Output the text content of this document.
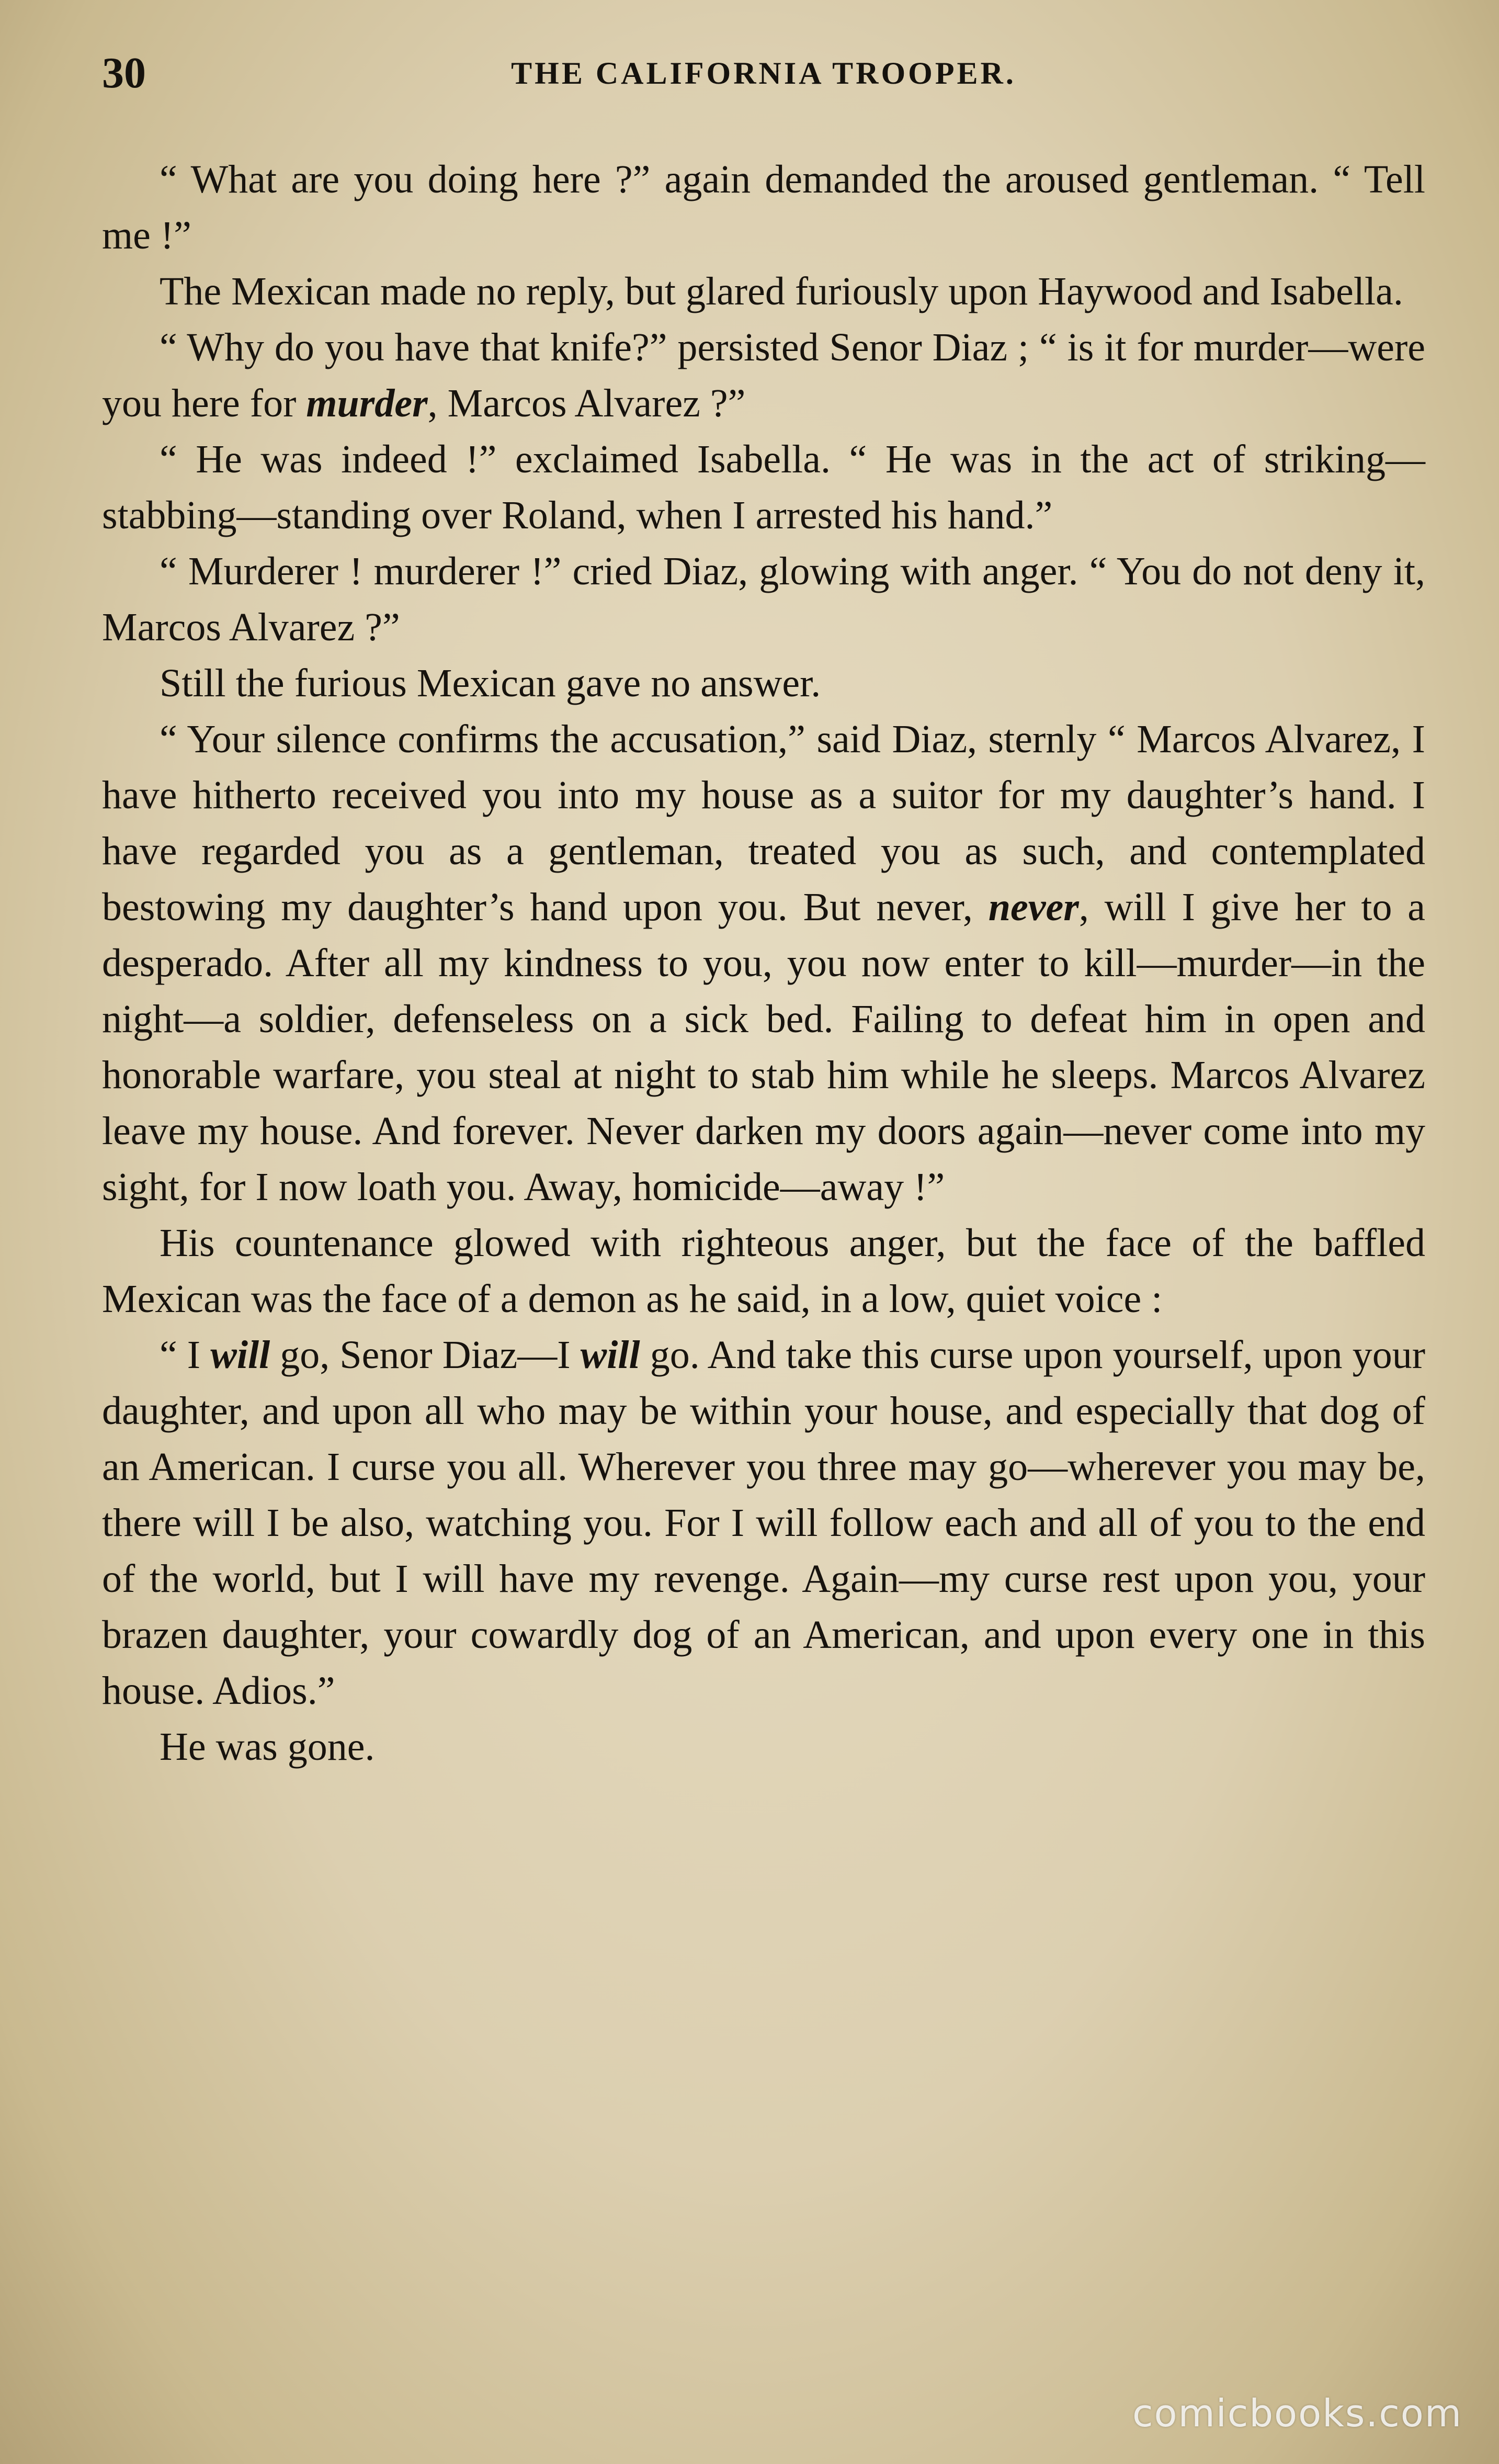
30	THE CALIFORNIA TROOPER.

“ What are you doing here ?” again demanded the aroused gentleman. “ Tell me !”

The Mexican made no reply, but glared furiously upon Haywood and Isabella.

“ Why do you have that knife?” persisted Senor Diaz ; “ is it for murder—were you here for murder, Marcos Alvarez ?”

“ He was indeed !” exclaimed Isabella. “ He was in the act of striking—stabbing—standing over Roland, when I arrested his hand.”

“ Murderer ! murderer !” cried Diaz, glowing with anger. “ You do not deny it, Marcos Alvarez ?”

Still the furious Mexican gave no answer.

“ Your silence confirms the accusation,” said Diaz, sternly “ Marcos Alvarez, I have hitherto received you into my house as a suitor for my daughter’s hand. I have regarded you as a gentleman, treated you as such, and contemplated bestowing my daughter’s hand upon you. But never, never, will I give her to a desperado. After all my kindness to you, you now enter to kill—murder—in the night—a soldier, defenseless on a sick bed. Failing to defeat him in open and honorable warfare, you steal at night to stab him while he sleeps. Marcos Alvarez leave my house. And forever. Never darken my doors again—never come into my sight, for I now loath you. Away, homicide—away !”

His countenance glowed with righteous anger, but the face of the baffled Mexican was the face of a demon as he said, in a low, quiet voice :

“ I will go, Senor Diaz—I will go. And take this curse upon yourself, upon your daughter, and upon all who may be within your house, and especially that dog of an American. I curse you all. Wherever you three may go—wherever you may be, there will I be also, watching you. For I will follow each and all of you to the end of the world, but I will have my revenge. Again—my curse rest upon you, your brazen daughter, your cowardly dog of an American, and upon every one in this house. Adios.”

He was gone.

comicbooks.com
